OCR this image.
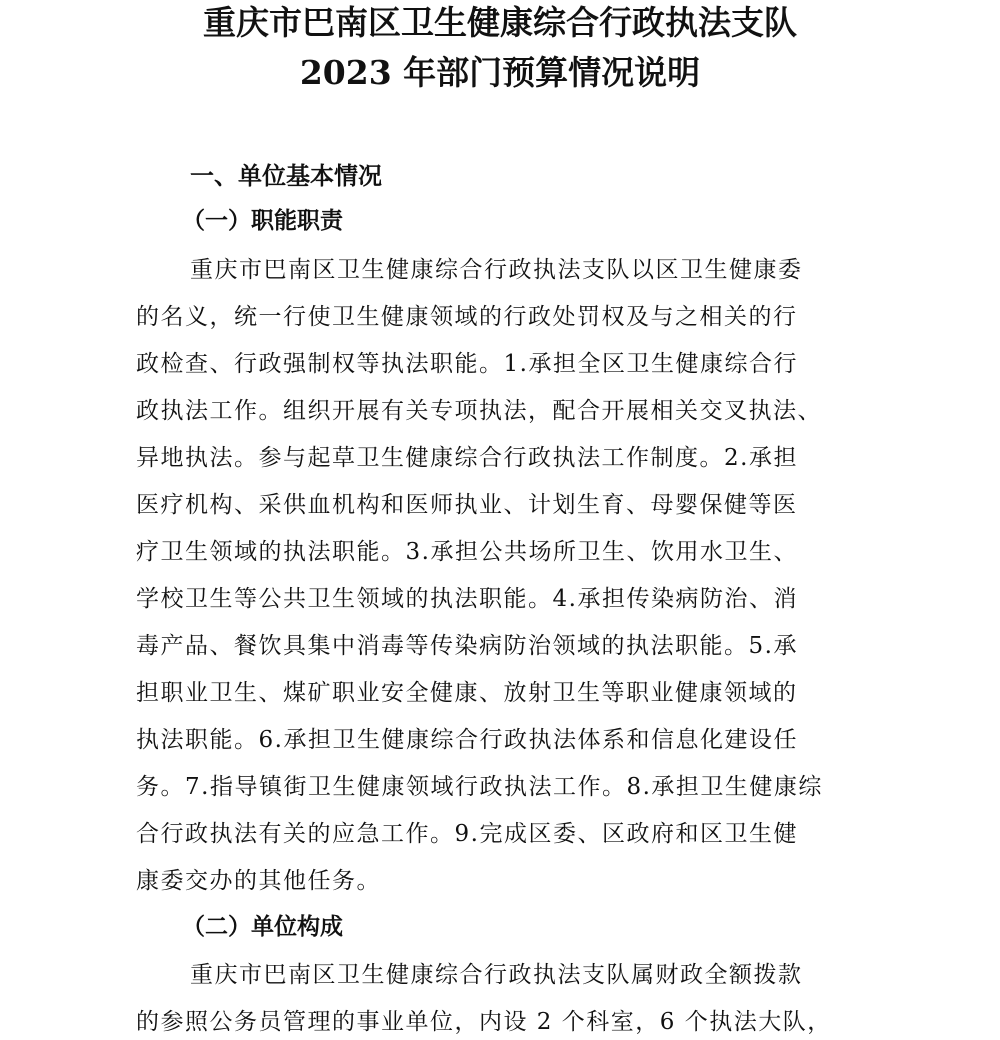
重庆市巴南区卫生健康综合行政执法支队
2023 年部门预算情况说明
一、单位基本情况
（一）职能职责

重庆市巴南区卫生健康综合行政执法支队以区卫生健康委

的名义，统一行使卫生健康领域的行政处罚权及与之相关的行

政检查、行政强制权等执法职能。1.承担全区卫生健康综合行

政执法工作。组织开展有关专项执法，配合开展相关交叉执法、

异地执法。参与起草卫生健康综合行政执法工作制度。2.承担

医疗机构、采供血机构和医师执业、计划生育、母婴保健等医

疗卫生领域的执法职能。3.承担公共场所卫生、饮用水卫生、

学校卫生等公共卫生领域的执法职能。4.承担传染病防治、消

毒产品、餐饮具集中消毒等传染病防治领域的执法职能。5.承

担职业卫生、煤矿职业安全健康、放射卫生等职业健康领域的

执法职能。6.承担卫生健康综合行政执法体系和信息化建设任

务。7.指导镇街卫生健康领域行政执法工作。8.承担卫生健康综

合行政执法有关的应急工作。9.完成区委、区政府和区卫生健

康委交办的其他任务。

（二）单位构成

重庆市巴南区卫生健康综合行政执法支队属财政全额拨款

的参照公务员管理的事业单位，内设 2 个科室，6 个执法大队，
